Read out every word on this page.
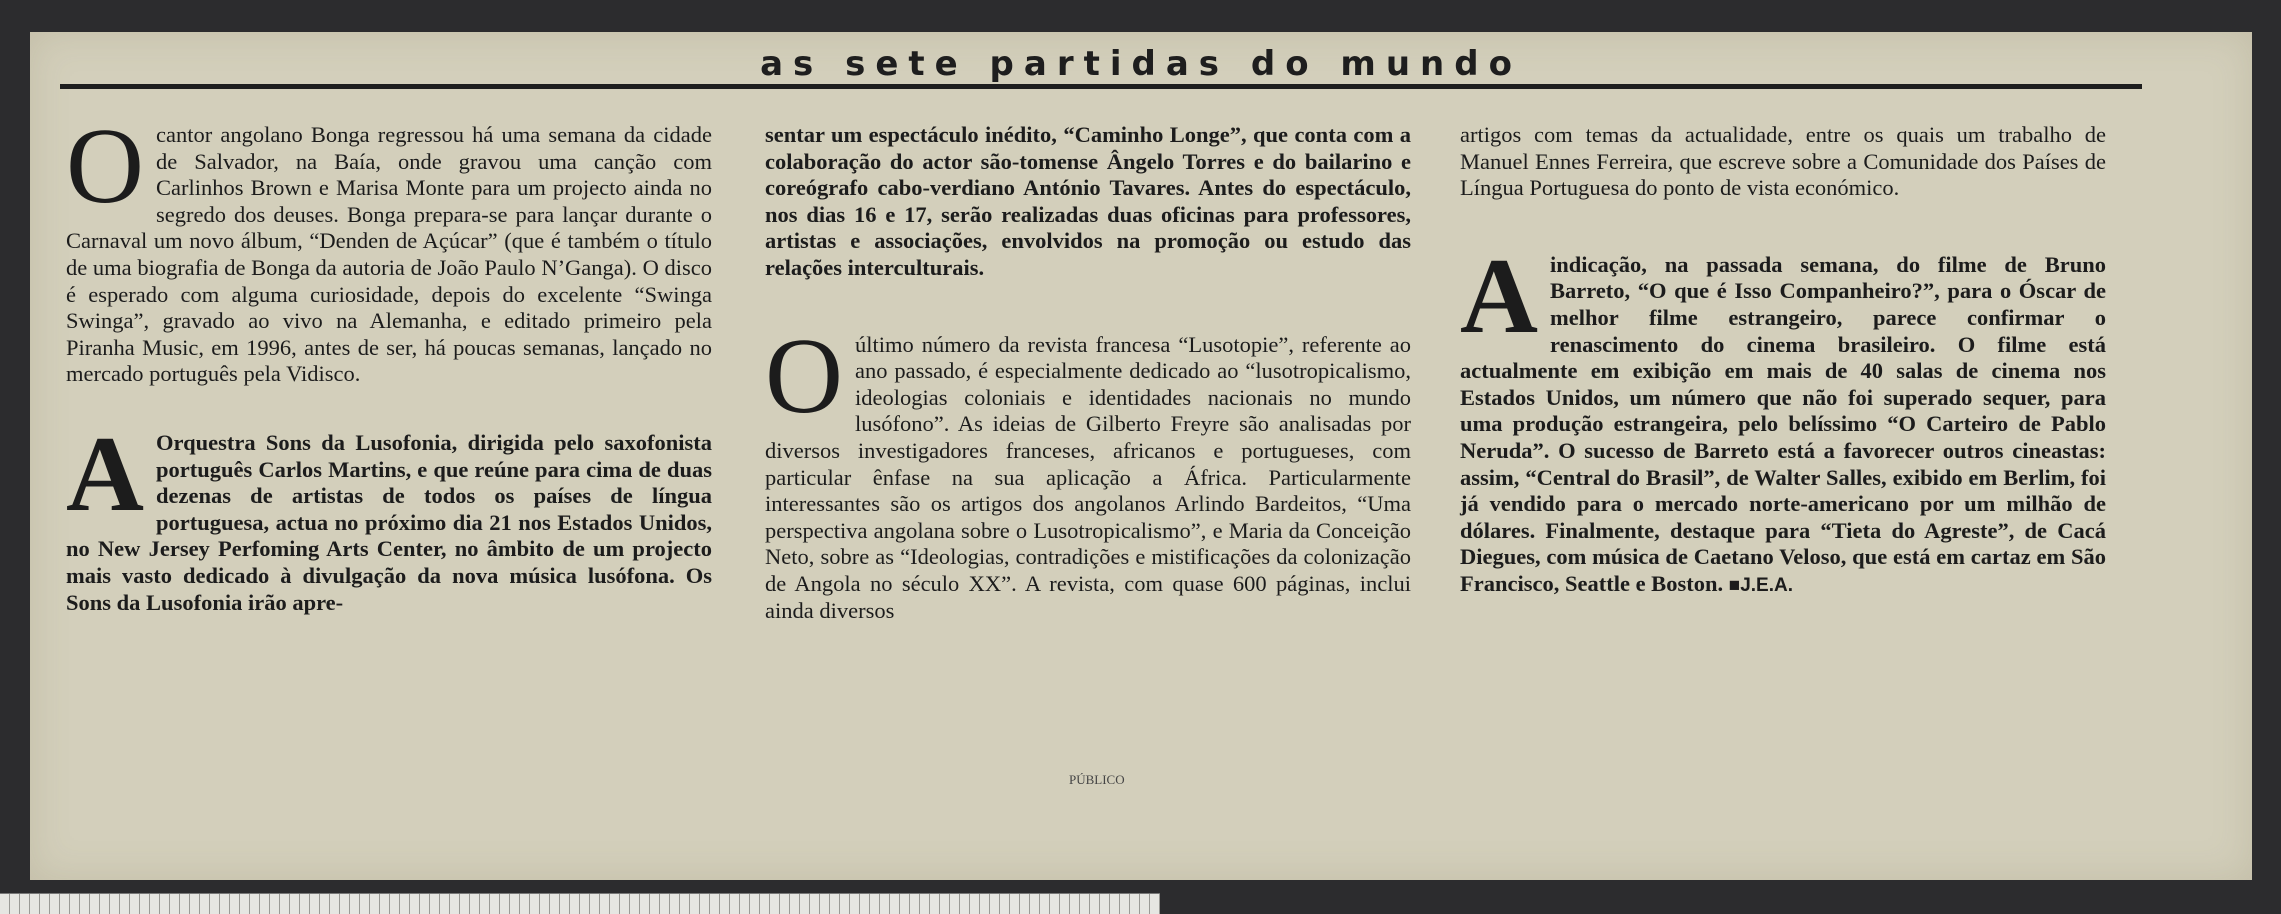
as sete partidas do mundo

Ocantor angolano Bonga regressou há uma semana da cidade de Salvador, na Baía, onde gravou uma canção com Carlinhos Brown e Marisa Monte para um projecto ainda no segredo dos deuses. Bonga prepara-se para lançar durante o Carnaval um novo álbum, “Denden de Açúcar” (que é também o título de uma biografia de Bonga da autoria de João Paulo N’Ganga). O disco é esperado com alguma curiosidade, depois do excelente “Swinga Swinga”, gravado ao vivo na Alemanha, e editado primeiro pela Piranha Music, em 1996, antes de ser, há poucas semanas, lançado no mercado português pela Vidisco.

A Orquestra Sons da Lusofonia, dirigida pelo saxofonista português Carlos Martins, e que reúne para cima de duas dezenas de artistas de todos os países de língua portuguesa, actua no próximo dia 21 nos Estados Unidos, no New Jersey Perfoming Arts Center, no âmbito de um projecto mais vasto dedicado à divulgação da nova música lusófona. Os Sons da Lusofonia irão apre-

sentar um espectáculo inédito, “Caminho Longe”, que conta com a colaboração do actor são-tomense Ângelo Torres e do bailarino e coreógrafo cabo-verdiano António Tavares. Antes do espectáculo, nos dias 16 e 17, serão realizadas duas oficinas para professores, artistas e associações, envolvidos na promoção ou estudo das relações interculturais.

Oúltimo número da revista francesa “Lusotopie”, referente ao ano passado, é especialmente dedicado ao “lusotropicalismo, ideologias coloniais e identidades nacionais no mundo lusófono”. As ideias de Gilberto Freyre são analisadas por diversos investigadores franceses, africanos e portugueses, com particular ênfase na sua aplicação a África. Particularmente interessantes são os artigos dos angolanos Arlindo Bardeitos, “Uma perspectiva angolana sobre o Lusotropicalismo”, e Maria da Conceição Neto, sobre as “Ideologias, contradições e mistificações da colonização de Angola no século XX”. A revista, com quase 600 páginas, inclui ainda diversos

artigos com temas da actualidade, entre os quais um trabalho de Manuel Ennes Ferreira, que escreve sobre a Comunidade dos Países de Língua Portuguesa do ponto de vista económico.

Aindicação, na passada semana, do filme de Bruno Barreto, “O que é Isso Companheiro?”, para o Óscar de melhor filme estrangeiro, parece confirmar o renascimento do cinema brasileiro. O filme está actualmente em exibição em mais de 40 salas de cinema nos Estados Unidos, um número que não foi superado sequer, para uma produção estrangeira, pelo belíssimo “O Carteiro de Pablo Neruda”. O sucesso de Barreto está a favorecer outros cineastas: assim, “Central do Brasil”, de Walter Salles, exibido em Berlim, foi já vendido para o mercado norte-americano por um milhão de dólares. Finalmente, destaque para “Tieta do Agreste”, de Cacá Diegues, com música de Caetano Veloso, que está em cartaz em São Francisco, Seattle e Boston. ■J.E.A.

PÚBLICO
